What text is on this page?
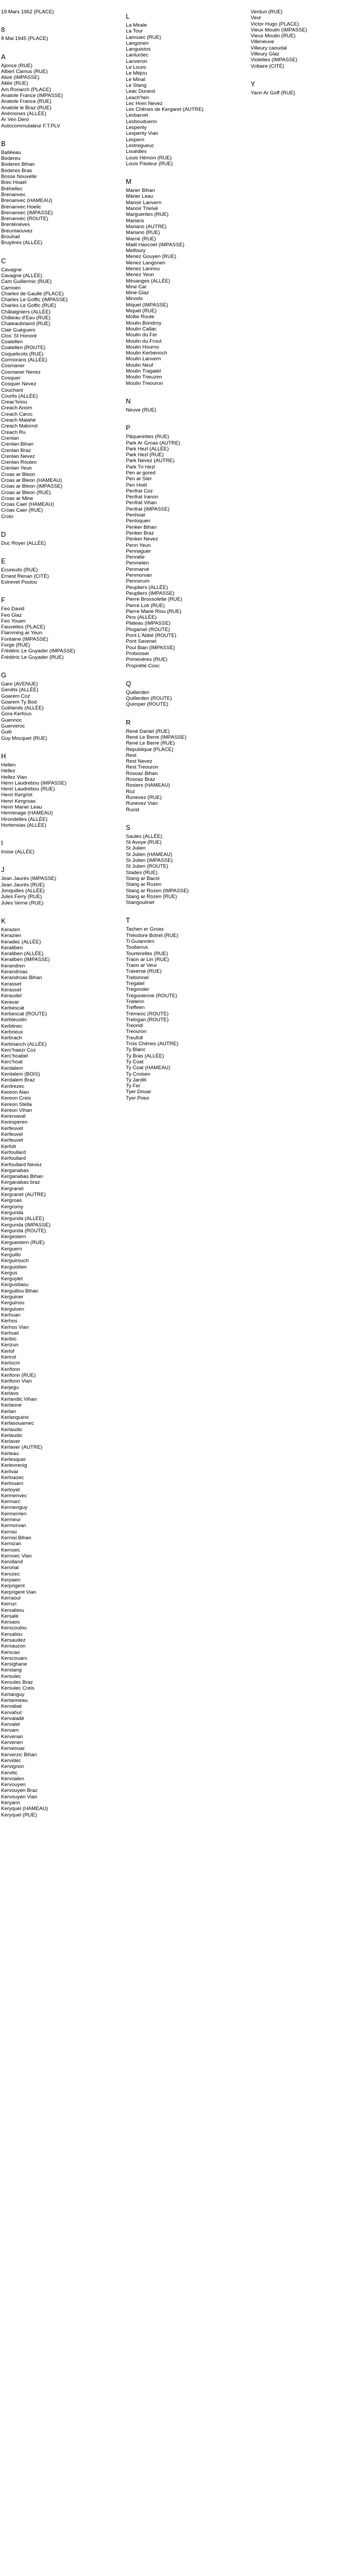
19 Mars 1962 (PLACE)
8
8 Mai 1945 (PLACE)
A
Ajonce (RUE)
Albert Camus (RUE)
Alizé (IMPASSE)
Allée (RUE)
Am Ronarch (PLACE)
Anatole France (IMPASSE)
Anatole France (RUE)
Anatole le Braz (RUE)
Anémones (ALLÉE)
Ar Ven Dero
Autocommutateur F.T.PLV
B
Balléeau
Bodereu
Boderes Bihan
Boderes Bras
Bosse Nouvelle
Brec Hoael
Bréhellec
Brenanvec
Brenanvec (HAMEAU)
Brenanvec Hoelic
Brenanvec (IMPASSE)
Brenanvec (ROUTE)
Brenténéves
Breuntaouvez
Brouhail
Bruyères (ALLÉE)
C
Cavagne
Cavagne (ALLÉE)
Cam Guillermic (RUE)
Carnoen
Charles de Gaulle (PLACE)
Charles Le Goffic (IMPASSE)
Charles Le Goffic (RUE)
Châtaigniers (ALLÉE)
Château d'Eau (RUE)
Chateaubriand (RUE)
Clair Guégueni
Clos' St Honoré
Coatellen
Coatellen (ROUTE)
Coquelicots (RUE)
Cormorans (ALLÉE)
Cosmaner
Cosmaner Nevez
Cosquer
Cosquer Nevez
Couchant
Courlis (ALLÉE)
Creac'hriou
Creach Anom
Creach Caroc
Creach Malahé
Creach Malornd
Creach Ru
Crenlan
Crenlan Bihan
Crenlan Braz
Crenlan Nevez
Crenlan Roulen
Crenlan Yeun
Croas ar Bleon
Croas ar Bleon (HAMEAU)
Croas ar Bleon (IMPASSE)
Croas ar Bleon (RUE)
Croas ar Mine
Croas Caer (HAMEAU)
Croas Caer (RUE)
Crolo
D
Duc Royer (ALLÉE)
E
Ecureuils (RUE)
Ernest Renan (CITÉ)
Estrevet Poulou
F
Feo David
Feo Glaz
Feo Youen
Fauvettes (PLACE)
Flamming ar Yeun
Fontaine (IMPASSE)
Forge (RUE)
Frédéric Le Guyader (IMPASSE)
Frédéric Le Guyader (RUE)
G
Gare (AVENUE)
Genêts (ALLÉE)
Goarem Coz
Goarem Ty Bod
Goëlands (ALLÉE)
Gora Kerfous
Guennoc
Guerveroc
Guib
Guy Mocquet (RUE)
H
Hellen
Hellez
Hellez Vian
Henri Laudrebou (IMPASSE)
Henri Laudrebou (RUE)
Henri Kergrist
Henri Kergroas
Henri Maner Leau
Herminage (HAMEAU)
Hirondelles (ALLÉE)
Hortensias (ALLÉE)
I
Iroise (ALLÉE)
J
Jean Jaurès (IMPASSE)
Jean Jaurès (RUE)
Jonquilles (ALLÉE)
Jules Ferry (RUE)
Jules Verne (RUE)
K
Kerazen
Kerazien
Keradec (ALLÉE)
Keraliben
Keraliben (ALLÉE)
Keraliben (IMPASSE)
Kerandren
Kerandroas
Kerandroas Bihan
Kerasset
Kerasset
Keraudel
Keravar
Kerbescat
Kerbescat (ROUTE)
Kerbleustin
Kerblinec
Kerbrieux
Kerbrach
Kerbrianch (ALLÉE)
Kerc'haezr Coz
Kerc'hoabel
Kerc'hoat
Kerdalem
Kerdalem (BOIS)
Kerdalem Braz
Kerdrezec
Kereon Alan
Kereon Creis
Kereon Stella
Kereon Vihan
Kerervaval
Keresperen
Kerfeuvet
Kerfeuvel
Kerfeuvet
Kerfolt
Kerfoullard
Kerfoullard
Kerfoullard Nevez
Kerganabas
Kerganabas Bihan
Kerganabas braz
Kergranet
Kergranet (AUTRE)
Kergroas
Kergromy
Kergunda
Kergunda (ALLÉE)
Kergunda (IMPASSE)
Kergunda (ROUTE)
Kergestern
Kerguestern (RUE)
Kerguern
Kerguillo
Kerguirouch
Kerguistien
Kergus
Kerguylet
Kergustlaou
Kerguillou Bihan
Kerguiner
Kerguinou
Kerguiven
Kerhuan
Kerhos
Kerhos Vian
Kerhuel
Keribic
Kerizun
Kerlof
Kerirot
Kerlocm
Kerifonn
Kerifonn (RUE)
Kerifonn Vian
Kerjegu
Kerlavo
Kerlandic Vihan
Kerlanne
Kerlan
Kerlanguinic
Kerlasouarnec
Kerlaudic
Kerlaudic
Kerlaver
Kerlaver (AUTRE)
Kerleau
Kerlesquer
Kerlevrenig
Kerlivar
Kerloazec
Kerlouarn
Kerloyet
Kermenvec
Kermarc
Kermenguy
Kermerrien
Kermeur
Kermorvan
Kernisi
Kernisi Bihan
Kernizan
Kernoec
Kernoec Vian
Kerolland
Kerorial
Kerozec
Kerpaen
Kerprigent
Kerprigent Vian
Kerraoul
Kerrun
Kersabiou
Kersalé
Kersaos
Kerscoulou
Kersaliou
Kersaudez
Kersauzon
Kerscao
Kerscouarn
Kersighane
Kerstang
Kersulec
Kersulec Braz
Kersulec Creis
Kertanguy
Kertanneau
Kervabat
Kervahut
Kervaladé
Kervalet
Kervam
Kervenan
Kervenen
Kerveouar
Kerverzic Bihan
Kervidec
Kervignon
Kervilic
Kervoalen
Kervouyen
Kervouyen Braz
Kervouyen Vian
Keryann
Keryquel (HAMEAU)
Keryquel (RUE)
L
La Mirale
La Tour
Lannuec (RUE)
Langonen
Languistos
Lanlurdec
Lanveron
Le Louro
Le Méjou
Le Minal
Le Stang
Leac Durand
Leach'hen
Lec Hren Nevez
Les Chênes de Kergaret (AUTRE)
Lesbarvel
Lesbouduenn
Lespenty
Lespenty Vian
Lespern
Lestregueuc
Louédies
Louis Hémon (RUE)
Louis Pasteur (RUE)
M
Maner Bihan
Mäner Leau
Manoir Lanvern
Manoir Trielvé
Marguerites (RUE)
Marians
Mariano (AUTRE)
Mariano (RUE)
Marnè (RUE)
Maël Hascoet (IMPASSE)
Melfoury
Menez Gouyen (RUE)
Menez Langonen
Menez Lannou
Menez Yeun
Mésanges (ALLÉE)
Mine Car
Mine Glaz
Minodo
Miquel (IMPASSE)
Miquel (RUE)
Mollie Route
Moulin Bondroy
Moulin Callac
Moulin du Fer
Moulin du Frout
Moulin Hourno
Moulin Kerbenoch
Moulin Lanvern
Moulin Neuf
Moulin Tragatel
Moulin Trieuzen
Moulin Treouron
N
Neuve (RUE)
P
Pâquerettes (RUE)
Park Ar Groas (AUTRE)
Park Hezl (ALLÉE)
Park Hezl (RUE)
Park Nevez (AUTRE)
Park Tri Hezl
Pen ar gored
Pen ar Ster
Pen Hoël
Penfrat Coz
Penfrat Iranon
Penfrat Vihan
Penfrat (IMPASSE)
Penhoat
Penloquen
Penker Bihan
Penker Braz
Penker Nevez
Penn Yeun
Pennaguer
Pennéle
Penmelen
Penmarvé
Penmorvan
Pennorum
Peupliers (ALLÉE)
Peupliers (IMPASSE)
Pierre Brossolette (RUE)
Pierre Loti (RUE)
Pierre Marie Riou (RUE)
Pins (ALLÉE)
Plateau (IMPASSE)
Plogamel (ROUTE)
Pont L'Abbé (ROUTE)
Pont Savenel
Poul Bian (IMPASSE)
Probosser
Primevères (RUE)
Propriété Cosc
Q
Quillerden
Quillerden (ROUTE)
Quimper (ROUTE)
R
René Daniel (RUE)
René Le Berre (IMPASSE)
René Le Berre (RUE)
République (PLACE)
Rest
Rest Nevez
Rest Treouron
Rosoaz Bihan
Rosoaz Braz
Rosiers (HAMEAU)
Roz
Runevez (RUE)
Runevez Vian
Ruost
S
Saules (ALLÉE)
St Avoye (RUE)
St Julien
St Julien (HAMEAU)
St Julien (IMPASSE)
St Julien (ROUTE)
Stades (RUE)
Stang ar Bacol
Stang ar Rozen
Stang ar Rozen (IMPASSE)
Stang ar Rozen (RUE)
Stangoulinet
T
Tachen er Groas
Théodore Botrel (RUE)
Ti Guianniim
Toullarrus
Tourterelles (RUE)
Traon ar Lin (RUE)
Traon ar Veur
Traverse (RUE)
Trebonnel
Tregatel
Tregonder
Trégunienne (ROUTE)
Trielenn
Treffeen
Trémeoc (ROUTE)
Trelogan (ROUTE)
Treoridi
Treouron
Treufoll
Trois Chênes (AUTRE)
Ty Blanc
Ty Bras (ALLÉE)
Ty Coat
Ty Coat (HAMEAU)
Ty Croisen
Ty Jarditi
Ty Fer
Tyer Douar
Tyer Poeo
Verdun (RUE)
Veur
Victor Hugo (PLACE)
Vieux Moulin (IMPASSE)
Vieux Moulin (RUE)
Villeneuve
Villeury caoudal
Villeury Glaz
Violettes (IMPASSE)
Voltaire (CITÉ)
Y
Yann Ar Goff (RUE)
